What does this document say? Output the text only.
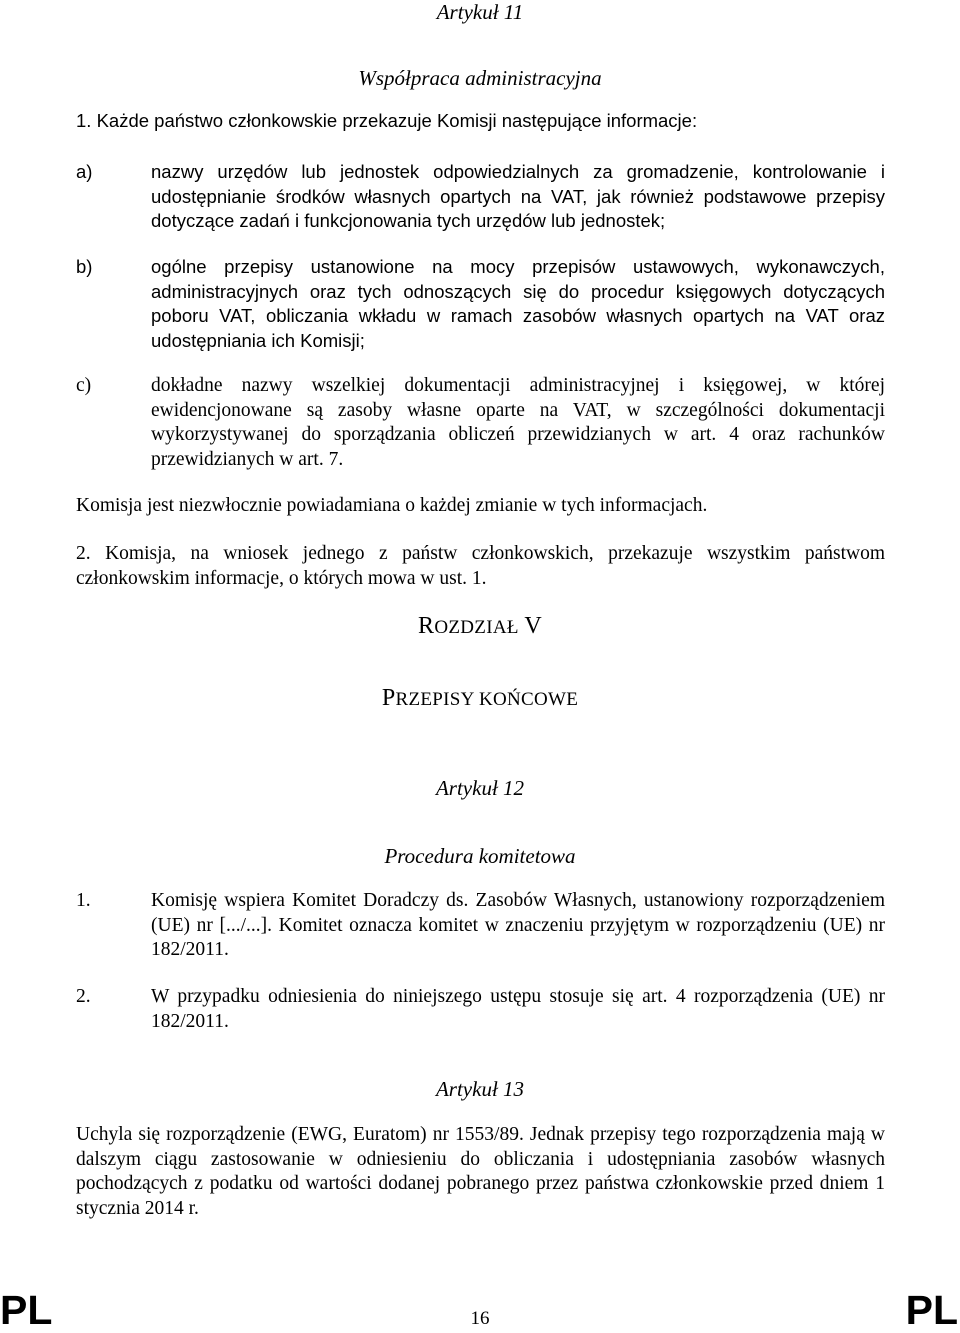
Artykuł 11
Współpraca administracyjna
1. Każde państwo członkowskie przekazuje Komisji następujące informacje:
a)	nazwy urzędów lub jednostek odpowiedzialnych za gromadzenie, kontrolowanie i udostępnianie środków własnych opartych na VAT, jak również podstawowe przepisy dotyczące zadań i funkcjonowania tych urzędów lub jednostek;
b)	ogólne przepisy ustanowione na mocy przepisów ustawowych, wykonawczych, administracyjnych oraz tych odnoszących się do procedur księgowych dotyczących poboru VAT, obliczania wkładu w ramach zasobów własnych opartych na VAT oraz udostępniania ich Komisji;
c)	dokładne nazwy wszelkiej dokumentacji administracyjnej i księgowej, w której ewidencjonowane są zasoby własne oparte na VAT, w szczególności dokumentacji wykorzystywanej do sporządzania obliczeń przewidzianych w art. 4 oraz rachunków przewidzianych w art. 7.
Komisja jest niezwłocznie powiadamiana o każdej zmianie w tych informacjach.
2. Komisja, na wniosek jednego z państw członkowskich, przekazuje wszystkim państwom członkowskim informacje, o których mowa w ust. 1.
ROZDZIAŁ V
PRZEPISY KOŃCOWE
Artykuł 12
Procedura komitetowa
1.	Komisję wspiera Komitet Doradczy ds. Zasobów Własnych, ustanowiony rozporządzeniem (UE) nr [.../...]. Komitet oznacza komitet w znaczeniu przyjętym w rozporządzeniu (UE) nr 182/2011.
2.	W przypadku odniesienia do niniejszego ustępu stosuje się art. 4 rozporządzenia (UE) nr 182/2011.
Artykuł 13
Uchyla się rozporządzenie (EWG, Euratom) nr 1553/89. Jednak przepisy tego rozporządzenia mają w dalszym ciągu zastosowanie w odniesieniu do obliczania i udostępniania zasobów własnych pochodzących z podatku od wartości dodanej pobranego przez państwa członkowskie przed dniem 1 stycznia 2014 r.
PL	16	PL
